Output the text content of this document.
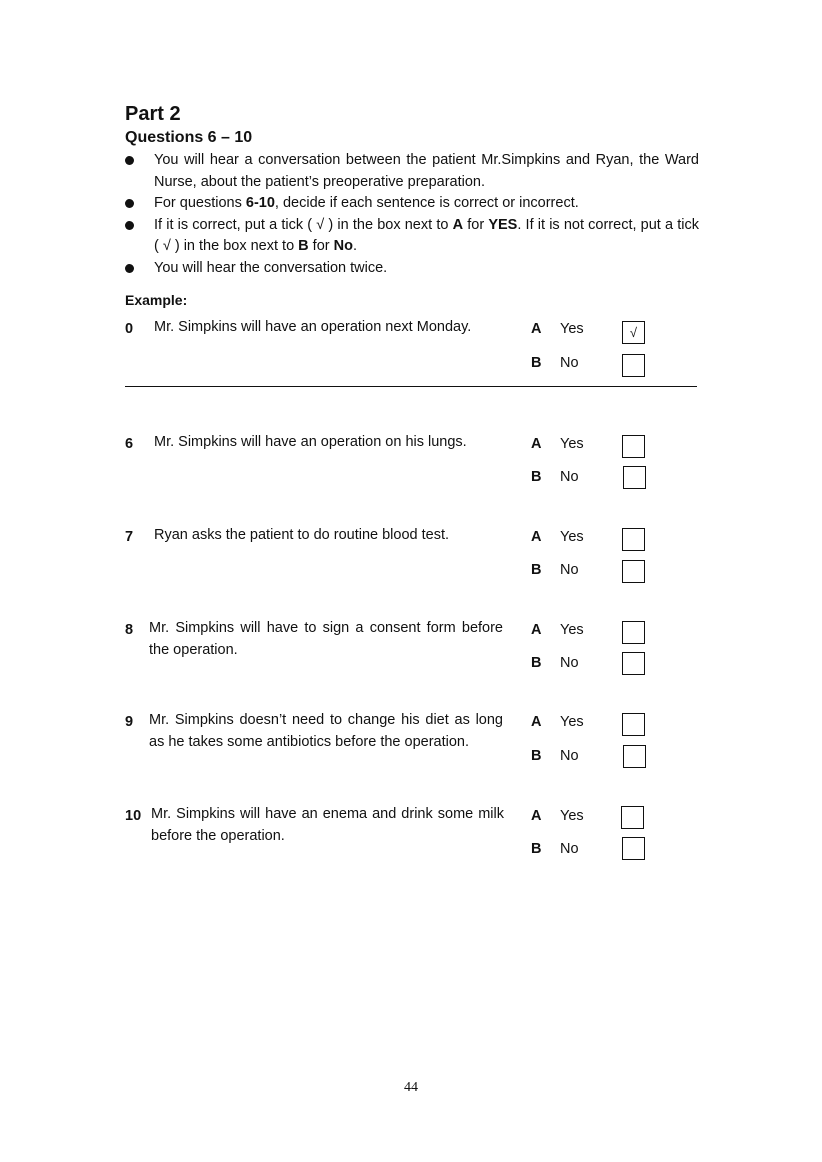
Part 2
Questions 6 – 10
You will hear a conversation between the patient Mr.Simpkins and Ryan, the Ward Nurse, about the patient’s preoperative preparation.
For questions 6-10, decide if each sentence is correct or incorrect.
If it is correct, put a tick ( √ ) in the box next to A for YES. If it is not correct, put a tick ( √ ) in the box next to B for No.
You will hear the conversation twice.
Example:
0 Mr. Simpkins will have an operation next Monday.	A Yes	√
B No
6 Mr. Simpkins will have an operation on his lungs.	A Yes
B No
7 Ryan asks the patient to do routine blood test.	A Yes
B No
8 Mr. Simpkins will have to sign a consent form before the operation.
A Yes
B No
9 Mr. Simpkins doesn’t need to change his diet as long as he takes some antibiotics before the operation.
A Yes
B No
10 Mr. Simpkins will have an enema and drink some milk before the operation.
A Yes
B No
44
